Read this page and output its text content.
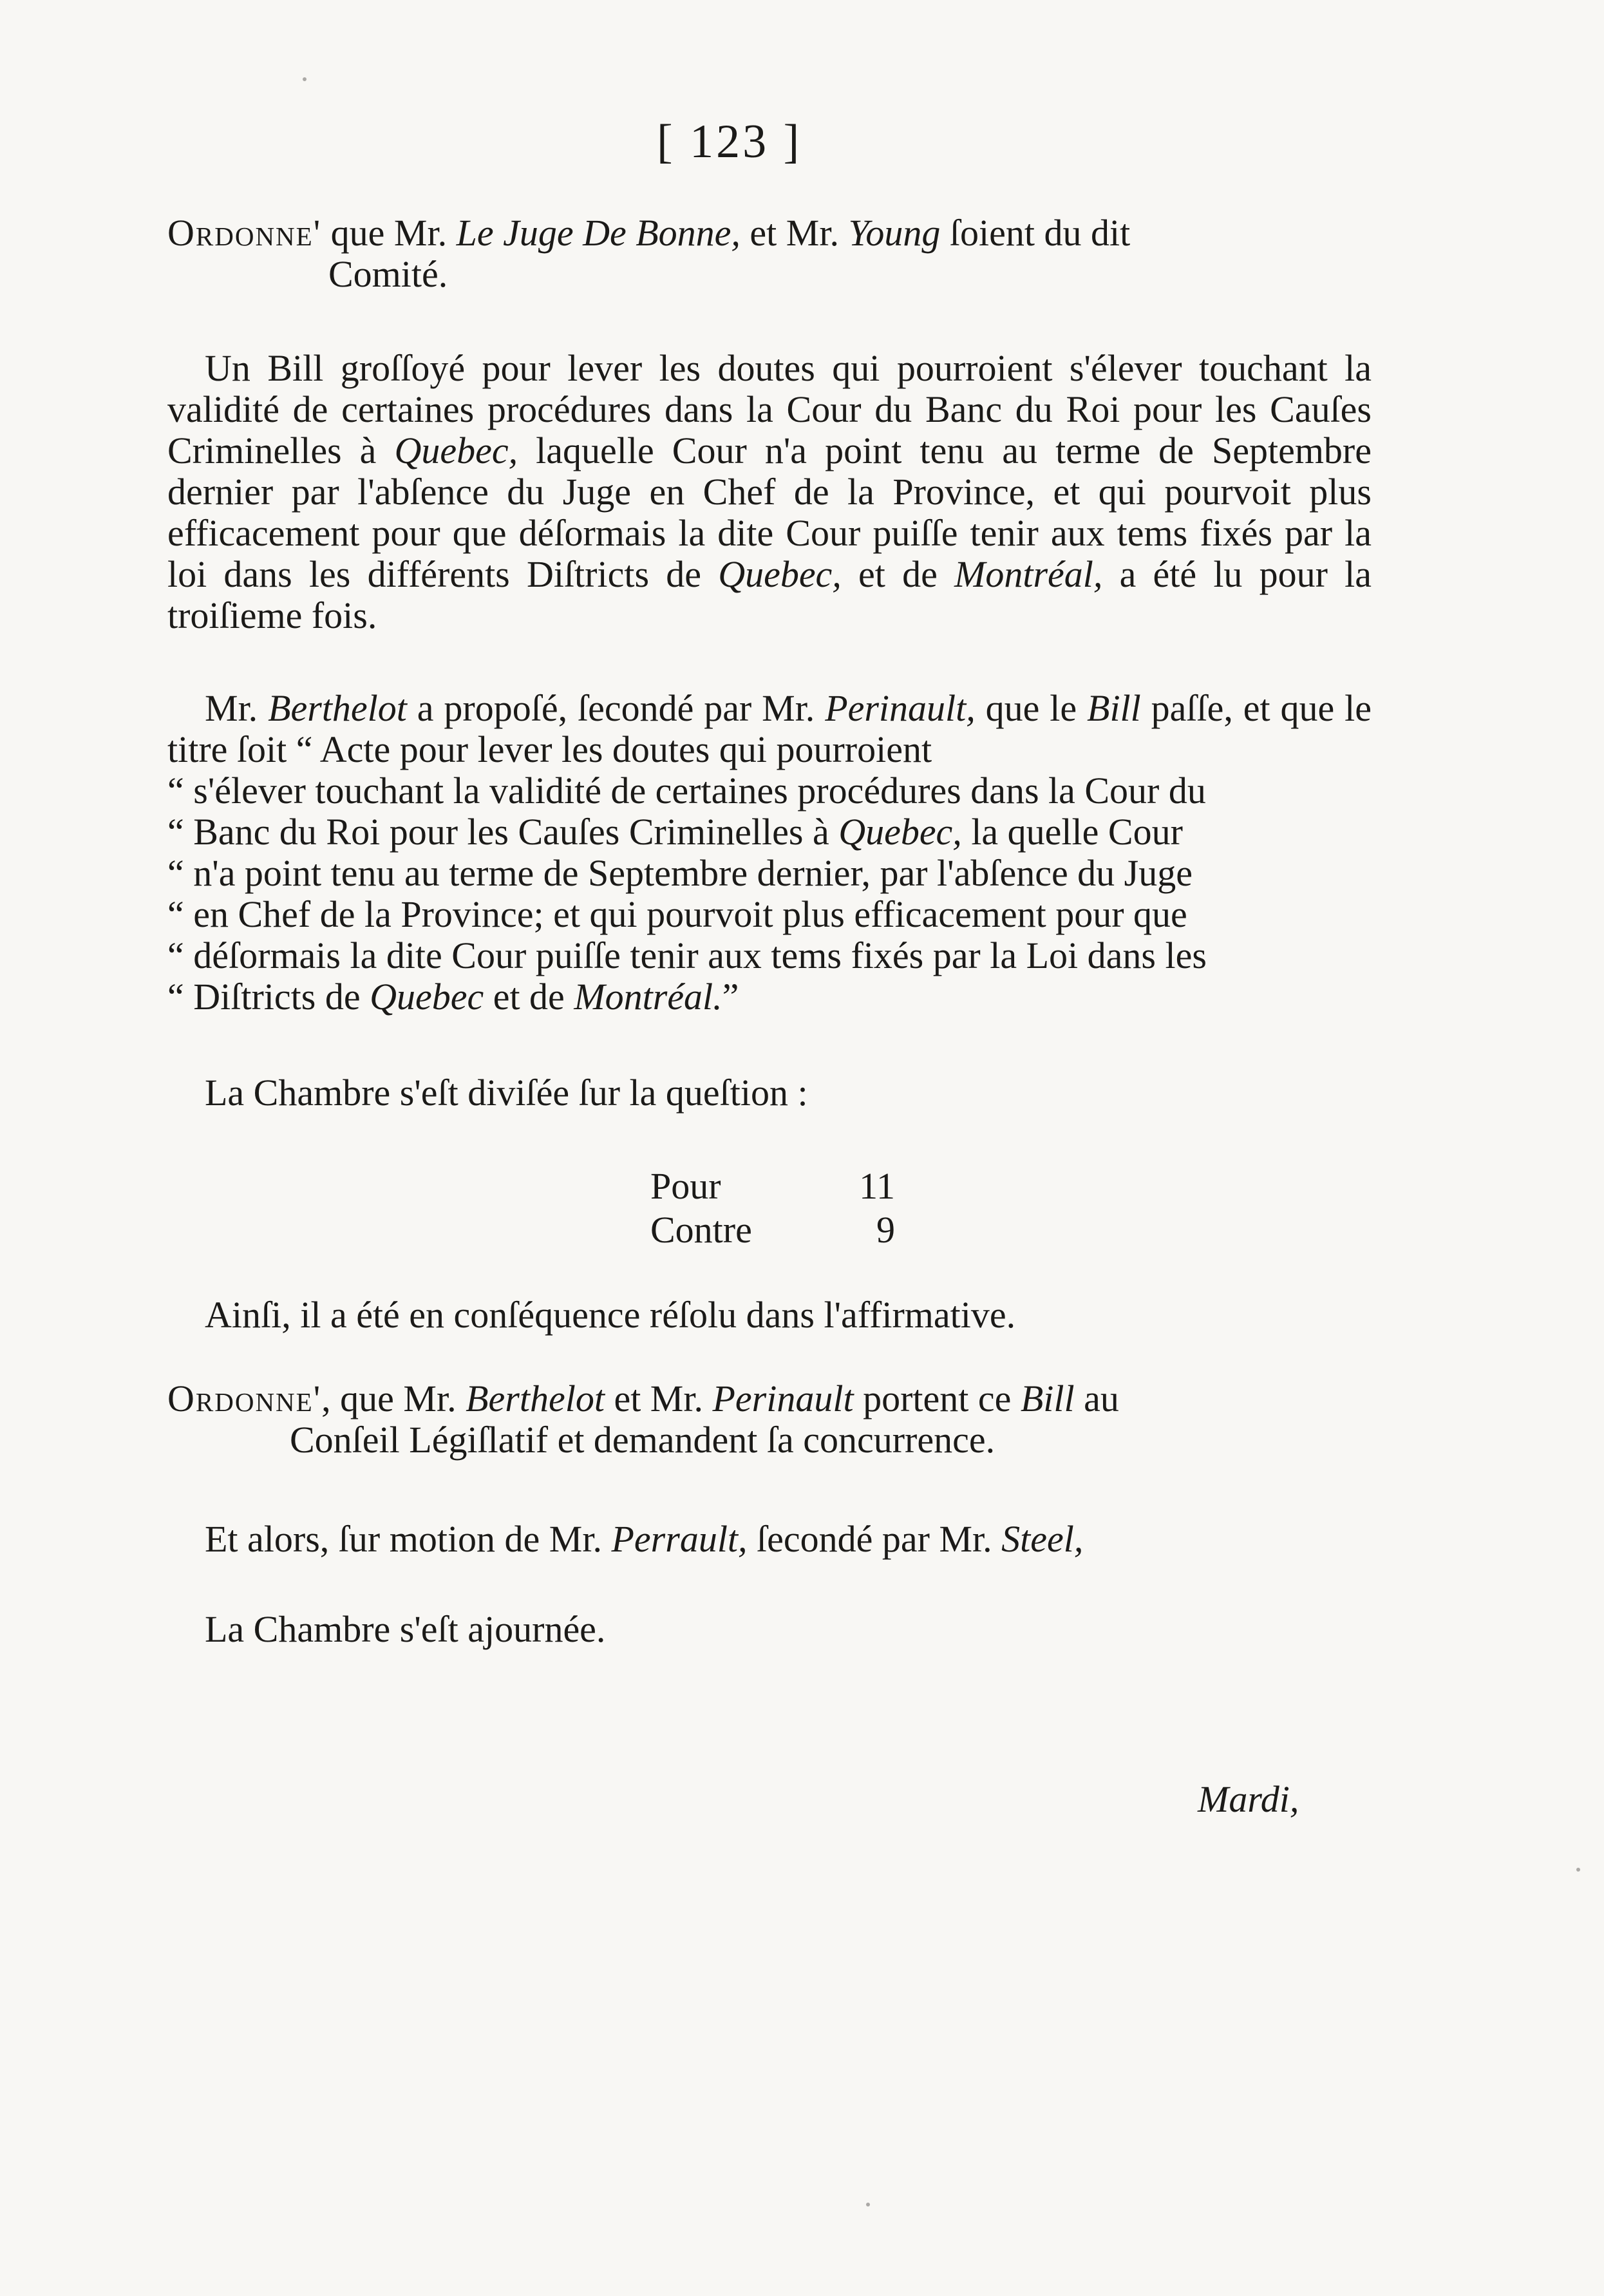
[ 123 ]
Ordonne' que Mr. Le Juge De Bonne, et Mr. Young ſoient du dit
Comité.
Un Bill groſſoyé pour lever les doutes qui pourroient s'élever touchant la validité de certaines procédures dans la Cour du Banc du Roi pour les Cauſes Criminelles à Quebec, laquelle Cour n'a point tenu au terme de Septembre dernier par l'abſence du Juge en Chef de la Province, et qui pourvoit plus efficacement pour que déſormais la dite Cour puiſſe tenir aux tems fixés par la loi dans les différents Diſtricts de Quebec, et de Montréal, a été lu pour la troiſieme fois.
Mr. Berthelot a propoſé, ſecondé par Mr. Perinault, que le Bill paſſe, et que le titre ſoit “ Acte pour lever les doutes qui pourroient
“ s'élever touchant la validité de certaines procédures dans la Cour du
“ Banc du Roi pour les Cauſes Criminelles à Quebec, la quelle Cour
“ n'a point tenu au terme de Septembre dernier, par l'abſence du Juge
“ en Chef de la Province; et qui pourvoit plus efficacement pour que
“ déſormais la dite Cour puiſſe tenir aux tems fixés par la Loi dans les
“ Diſtricts de Quebec et de Montréal.”
La Chambre s'eſt diviſée ſur la queſtion :
Pour	11
Contre	9
Ainſi, il a été en conſéquence réſolu dans l'affirmative.
Ordonne', que Mr. Berthelot et Mr. Perinault portent ce Bill au
Conſeil Légiſlatif et demandent ſa concurrence.
Et alors, ſur motion de Mr. Perrault, ſecondé par Mr. Steel,
La Chambre s'eſt ajournée.
Mardi,
